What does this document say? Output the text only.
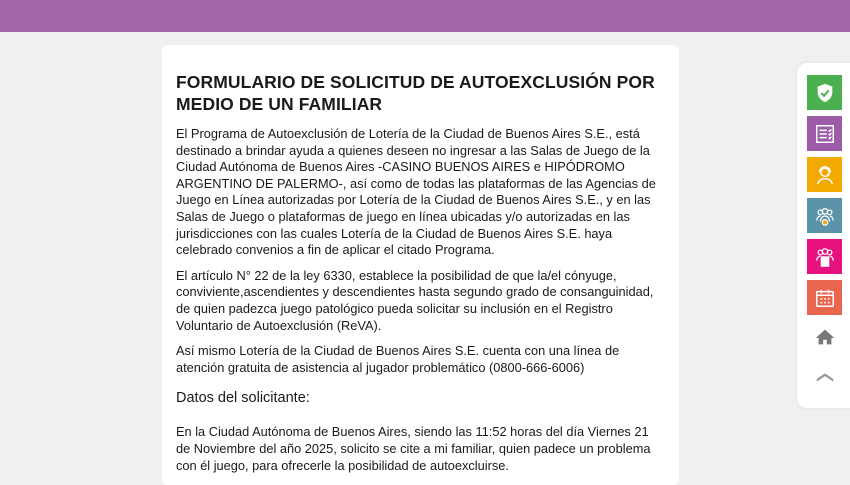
FORMULARIO DE SOLICITUD DE AUTOEXCLUSIÓN POR MEDIO DE UN FAMILIAR

El Programa de Autoexclusión de Lotería de la Ciudad de Buenos Aires S.E., está destinado a brindar ayuda a quienes deseen no ingresar a las Salas de Juego de la Ciudad Autónoma de Buenos Aires -CASINO BUENOS AIRES e HIPÓDROMO ARGENTINO DE PALERMO-, así como de todas las plataformas de las Agencias de Juego en Línea autorizadas por Lotería de la Ciudad de Buenos Aires S.E., y en las Salas de Juego o plataformas de juego en línea ubicadas y/o autorizadas en las jurisdicciones con las cuales Lotería de la Ciudad de Buenos Aires S.E. haya celebrado convenios a fin de aplicar el citado Programa.

El artículo N° 22 de la ley 6330, establece la posibilidad de que la/el cónyuge, conviviente,ascendientes y descendientes hasta segundo grado de consanguinidad, de quien padezca juego patológico pueda solicitar su inclusión en el Registro Voluntario de Autoexclusión (ReVA).

Así mismo Lotería de la Ciudad de Buenos Aires S.E. cuenta con una línea de atención gratuita de asistencia al jugador problemático (0800-666-6006)

Datos del solicitante:

En la Ciudad Autónoma de Buenos Aires, siendo las 11:52 horas del día Viernes 21 de Noviembre del año 2025, solicito se cite a mi familiar, quien padece un problema con él juego, para ofrecerle la posibilidad de autoexcluirse.
